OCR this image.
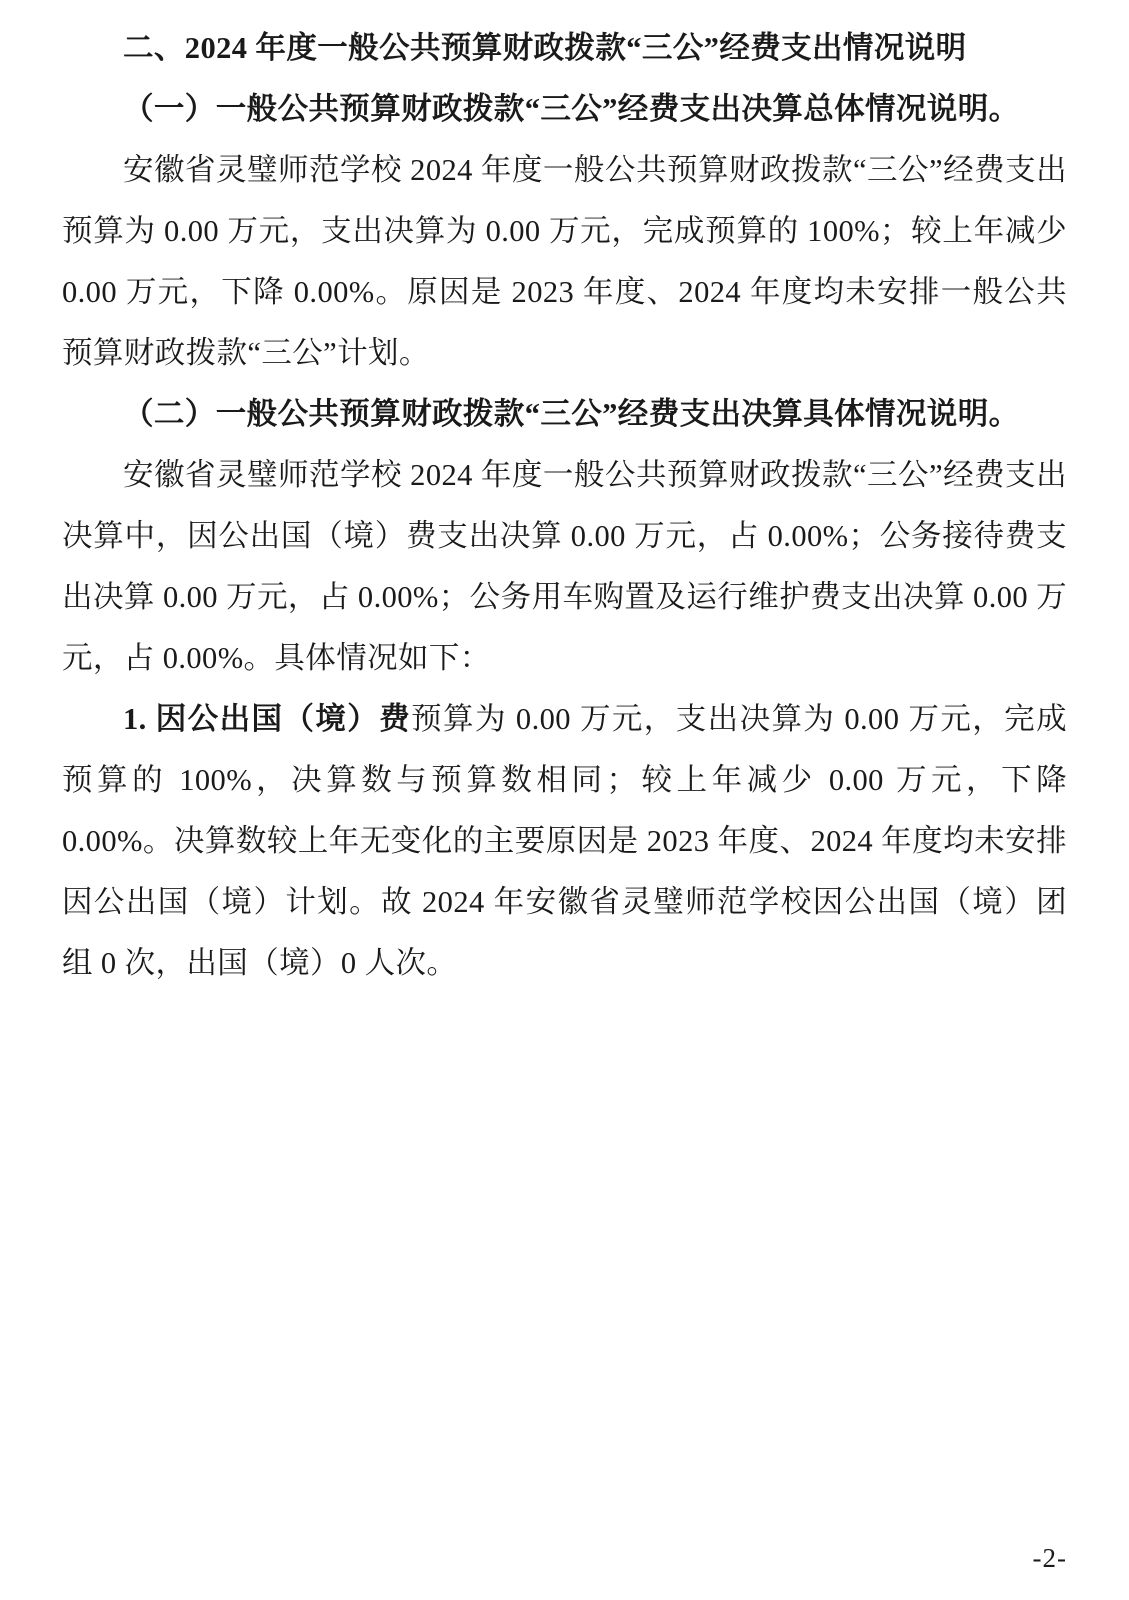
二、2024 年度一般公共预算财政拨款“三公”经费支出情况说明

（一）一般公共预算财政拨款“三公”经费支出决算总体情况说明。

安徽省灵璧师范学校 2024 年度一般公共预算财政拨款“三公”经费支出预算为 0.00 万元，支出决算为 0.00 万元，完成预算的 100%；较上年减少 0.00 万元，下降 0.00%。原因是 2023 年度、2024 年度均未安排一般公共预算财政拨款“三公”计划。

（二）一般公共预算财政拨款“三公”经费支出决算具体情况说明。

安徽省灵璧师范学校 2024 年度一般公共预算财政拨款“三公”经费支出决算中，因公出国（境）费支出决算 0.00 万元，占 0.00%；公务接待费支出决算 0.00 万元，占 0.00%；公务用车购置及运行维护费支出决算 0.00 万元，占 0.00%。具体情况如下：

1. 因公出国（境）费预算为 0.00 万元，支出决算为 0.00 万元，完成预算的 100%，决算数与预算数相同；较上年减少 0.00 万元，下降 0.00%。决算数较上年无变化的主要原因是 2023 年度、2024 年度均未安排因公出国（境）计划。故 2024 年安徽省灵璧师范学校因公出国（境）团组 0 次，出国（境）0 人次。

-2-
